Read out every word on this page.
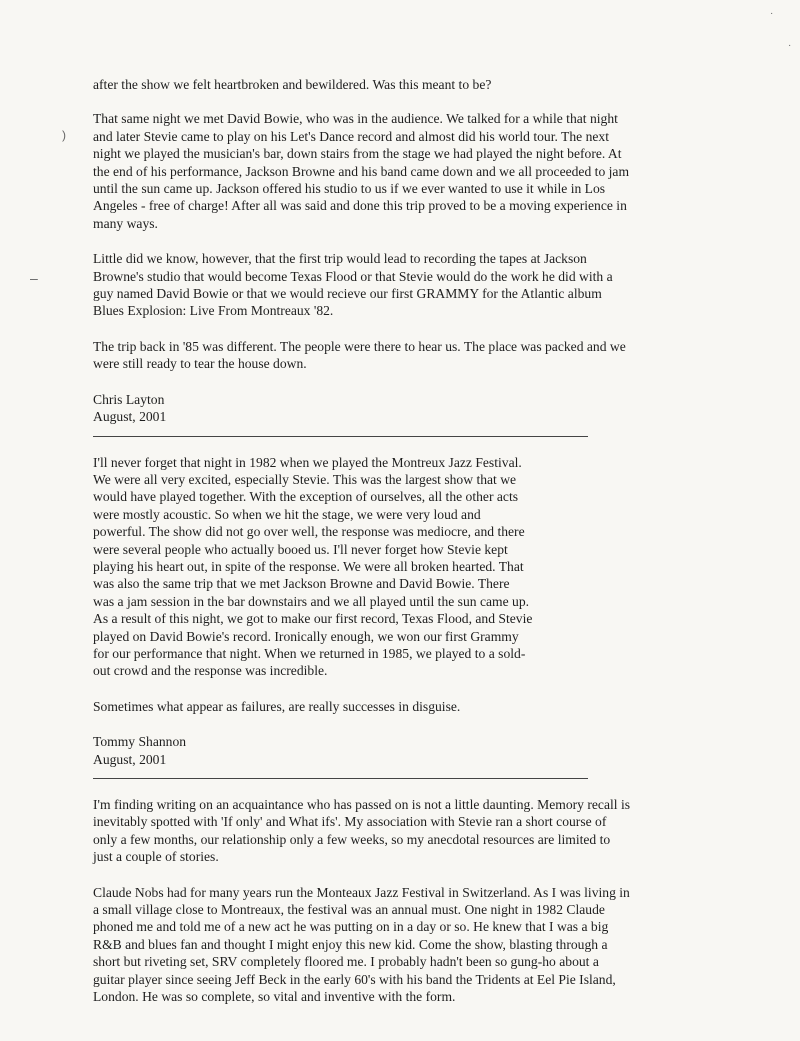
)
–
·
·

after the show we felt heartbroken and bewildered. Was this meant to be?

That same night we met David Bowie, who was in the audience. We talked for a while that night and later Stevie came to play on his Let's Dance record and almost did his world tour. The next night we played the musician's bar, down stairs from the stage we had played the night before. At the end of his performance, Jackson Browne and his band came down and we all proceeded to jam until the sun came up. Jackson offered his studio to us if we ever wanted to use it while in Los Angeles - free of charge! After all was said and done this trip proved to be a moving experience in many ways.

Little did we know, however, that the first trip would lead to recording the tapes at Jackson Browne's studio that would become Texas Flood or that Stevie would do the work he did with a guy named David Bowie or that we would recieve our first GRAMMY for the Atlantic album Blues Explosion: Live From Montreaux '82.

The trip back in '85 was different. The people were there to hear us. The place was packed and we were still ready to tear the house down.

Chris Layton
August, 2001

I'll never forget that night in 1982 when we played the Montreux Jazz Festival. We were all very excited, especially Stevie. This was the largest show that we would have played together. With the exception of ourselves, all the other acts were mostly acoustic. So when we hit the stage, we were very loud and powerful. The show did not go over well, the response was mediocre, and there were several people who actually booed us. I'll never forget how Stevie kept playing his heart out, in spite of the response. We were all broken hearted. That was also the same trip that we met Jackson Browne and David Bowie. There was a jam session in the bar downstairs and we all played until the sun came up. As a result of this night, we got to make our first record, Texas Flood, and Stevie played on David Bowie's record. Ironically enough, we won our first Grammy for our performance that night. When we returned in 1985, we played to a sold-out crowd and the response was incredible.

Sometimes what appear as failures, are really successes in disguise.

Tommy Shannon
August, 2001

I'm finding writing on an acquaintance who has passed on is not a little daunting. Memory recall is inevitably spotted with 'If only' and What ifs'. My association with Stevie ran a short course of only a few months, our relationship only a few weeks, so my anecdotal resources are limited to just a couple of stories.

Claude Nobs had for many years run the Monteaux Jazz Festival in Switzerland. As I was living in a small village close to Montreaux, the festival was an annual must. One night in 1982 Claude phoned me and told me of a new act he was putting on in a day or so. He knew that I was a big R&B and blues fan and thought I might enjoy this new kid. Come the show, blasting through a short but riveting set, SRV completely floored me. I probably hadn't been so gung-ho about a guitar player since seeing Jeff Beck in the early 60's with his band the Tridents at Eel Pie Island, London. He was so complete, so vital and inventive with the form.
